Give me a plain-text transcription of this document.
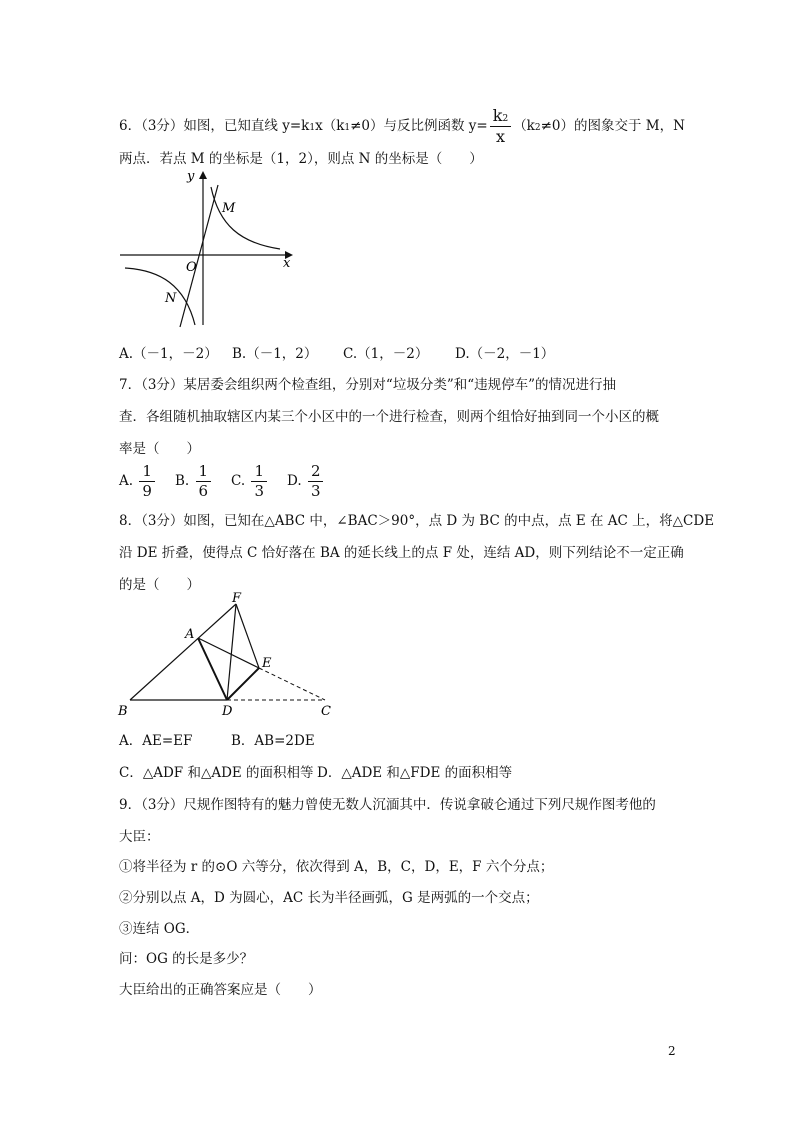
6．（3分）如图，已知直线 y=k1x（k1≠0）与反比例函数 $y= \frac{k2}{x} (k2\ne 0)$的图象交于 M，N
两点．若点 M 的坐标是（1，2），则点 N 的坐标是（　　）
y
x
O
M
N
A.（－1，－2） B.（－1，2） C.（1，－2） D.（－2，－1）
7．（3分）某居委会组织两个检查组，分别对“垃圾分类”和“违规停车”的情况进行抽
查．各组随机抽取辖区内某三个小区中的一个进行检查，则两个组恰好抽到同一个小区的概
率是（　　）
A. $\frac{1}{9} B$. $\frac{1}{6} C$. $\frac{1}{3} D$. $\frac{2}{3}$
8．（3分）如图，已知在△ABC 中，∠BAC＞90°，点 D 为 BC 的中点，点 E 在 AC 上，将△CDE
沿 DE 折叠，使得点 C 恰好落在 BA 的延长线上的点 F 处，连结 AD，则下列结论不一定正确
的是（　　）
F
A
E
B	D	C
A．AE=EF	B．AB=2DE
C．△ADF 和△ADE 的面积相等 D．△ADE 和△FDE 的面积相等
9．（3分）尺规作图特有的魅力曾使无数人沉湎其中．传说拿破仑通过下列尺规作图考他的
大臣：
①将半径为 r 的⊙O 六等分，依次得到 A，B，C，D，E，F 六个分点；
②分别以点 A，D 为圆心，AC 长为半径画弧，G 是两弧的一个交点；
③连结 OG．
问：OG 的长是多少？
大臣给出的正确答案应是（　　）
2
